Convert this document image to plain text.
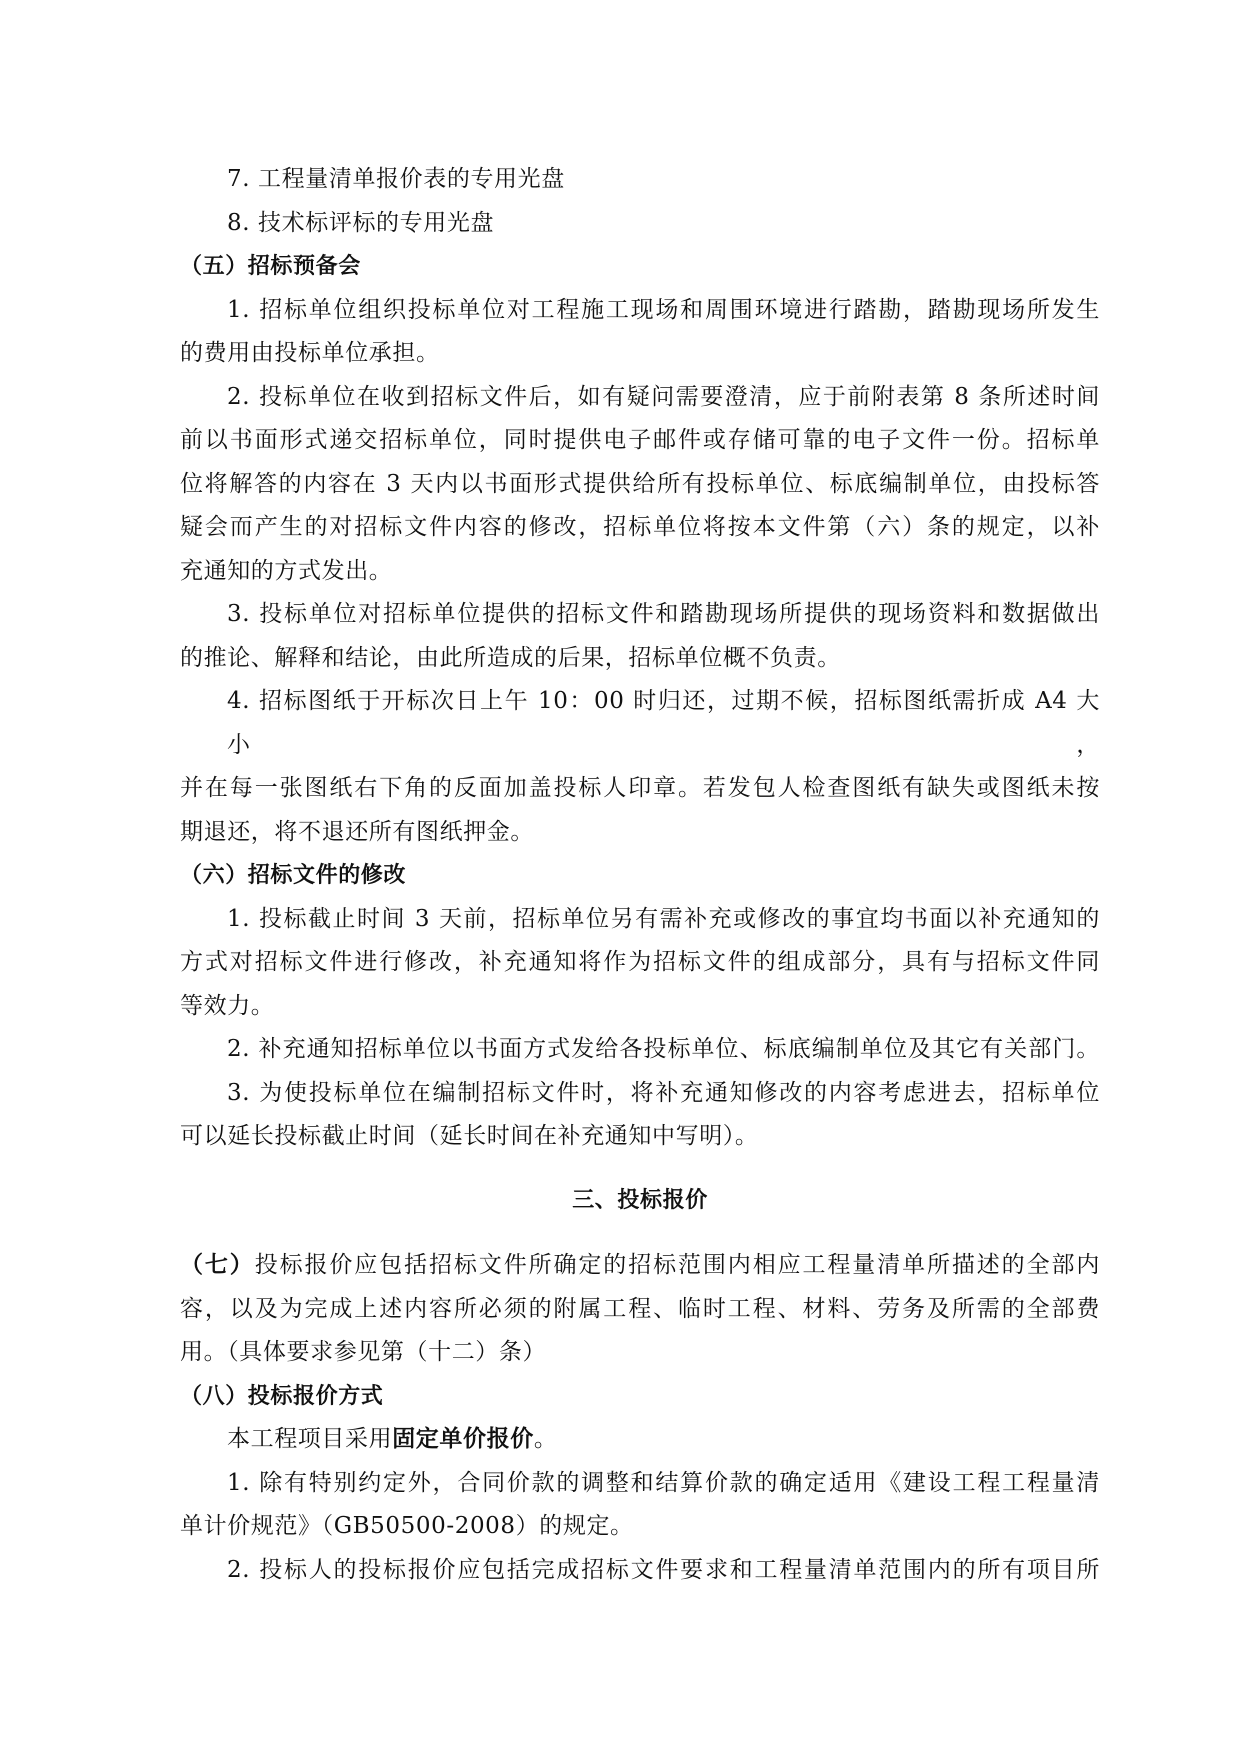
7. 工程量清单报价表的专用光盘
8. 技术标评标的专用光盘
（五）招标预备会
1. 招标单位组织投标单位对工程施工现场和周围环境进行踏勘，踏勘现场所发生
的费用由投标单位承担。
2. 投标单位在收到招标文件后，如有疑问需要澄清，应于前附表第 8 条所述时间
前以书面形式递交招标单位，同时提供电子邮件或存储可靠的电子文件一份。招标单
位将解答的内容在 3 天内以书面形式提供给所有投标单位、标底编制单位，由投标答
疑会而产生的对招标文件内容的修改，招标单位将按本文件第（六）条的规定，以补
充通知的方式发出。
3. 投标单位对招标单位提供的招标文件和踏勘现场所提供的现场资料和数据做出
的推论、解释和结论，由此所造成的后果，招标单位概不负责。
4. 招标图纸于开标次日上午 10：00 时归还，过期不候，招标图纸需折成 A4 大小，
并在每一张图纸右下角的反面加盖投标人印章。若发包人检查图纸有缺失或图纸未按
期退还，将不退还所有图纸押金。
（六）招标文件的修改
1. 投标截止时间 3 天前，招标单位另有需补充或修改的事宜均书面以补充通知的
方式对招标文件进行修改，补充通知将作为招标文件的组成部分，具有与招标文件同
等效力。
2. 补充通知招标单位以书面方式发给各投标单位、标底编制单位及其它有关部门。
3. 为使投标单位在编制招标文件时，将补充通知修改的内容考虑进去，招标单位
可以延长投标截止时间（延长时间在补充通知中写明）。
三、投标报价
（七）投标报价应包括招标文件所确定的招标范围内相应工程量清单所描述的全部内
容，以及为完成上述内容所必须的附属工程、临时工程、材料、劳务及所需的全部费
用。（具体要求参见第（十二）条）
（八）投标报价方式
本工程项目采用固定单价报价。
1. 除有特别约定外，合同价款的调整和结算价款的确定适用《建设工程工程量清
单计价规范》（GB50500-2008）的规定。
2. 投标人的投标报价应包括完成招标文件要求和工程量清单范围内的所有项目所
